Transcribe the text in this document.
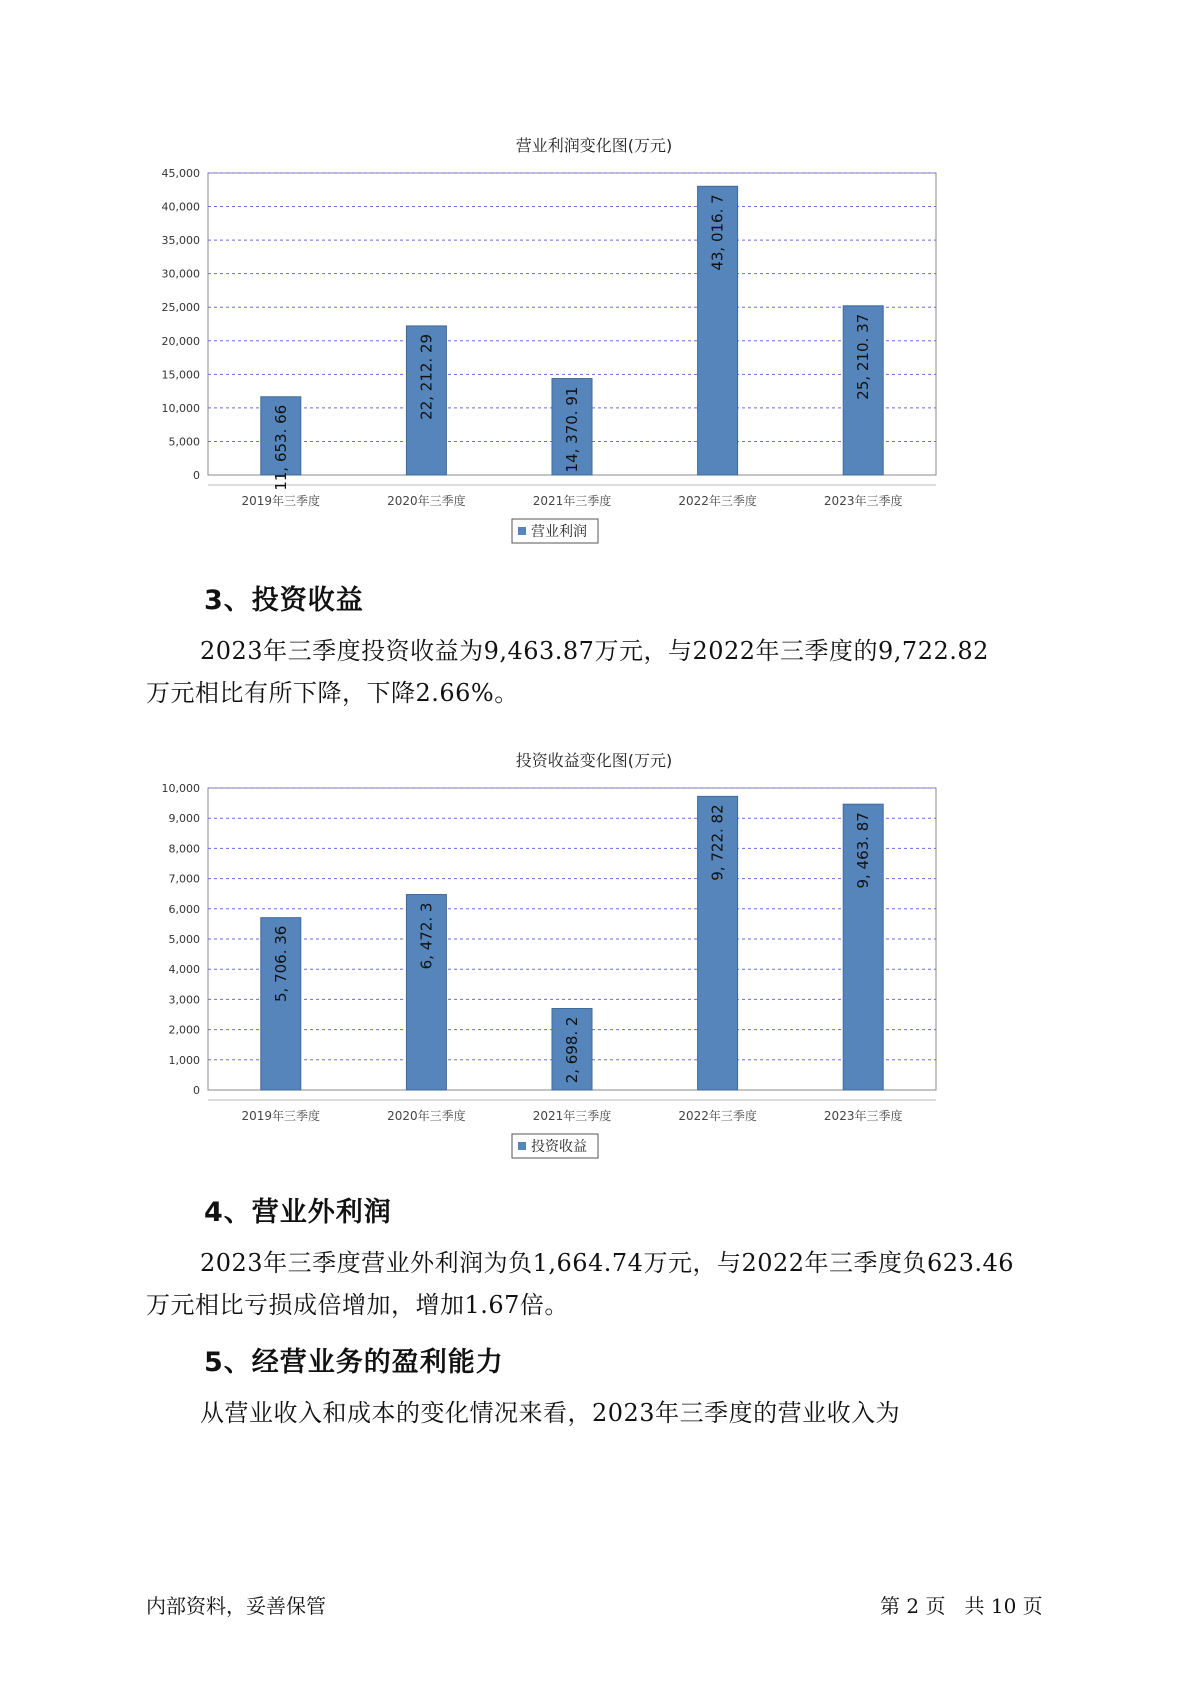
营业利润变化图(万元)
0
5,000
10,000
15,000
20,000
25,000
30,000
35,000
40,000
45,000
11, 653. 66
2019年三季度
22, 212. 29
2020年三季度
14, 370. 91
2021年三季度
43, 016. 7
2022年三季度
25, 210. 37
2023年三季度
营业利润
3、投资收益
2023年三季度投资收益为9,463.87万元，与2022年三季度的9,722.82
万元相比有所下降，下降2.66%。
投资收益变化图(万元)
0
1,000
2,000
3,000
4,000
5,000
6,000
7,000
8,000
9,000
10,000
5, 706. 36
2019年三季度
6, 472. 3
2020年三季度
2, 698. 2
2021年三季度
9, 722. 82
2022年三季度
9, 463. 87
2023年三季度
投资收益
4、营业外利润
2023年三季度营业外利润为负1,664.74万元，与2022年三季度负623.46
万元相比亏损成倍增加，增加1.67倍。
5、经营业务的盈利能力
从营业收入和成本的变化情况来看，2023年三季度的营业收入为
内部资料，妥善保管	第 2 页   共 10 页
